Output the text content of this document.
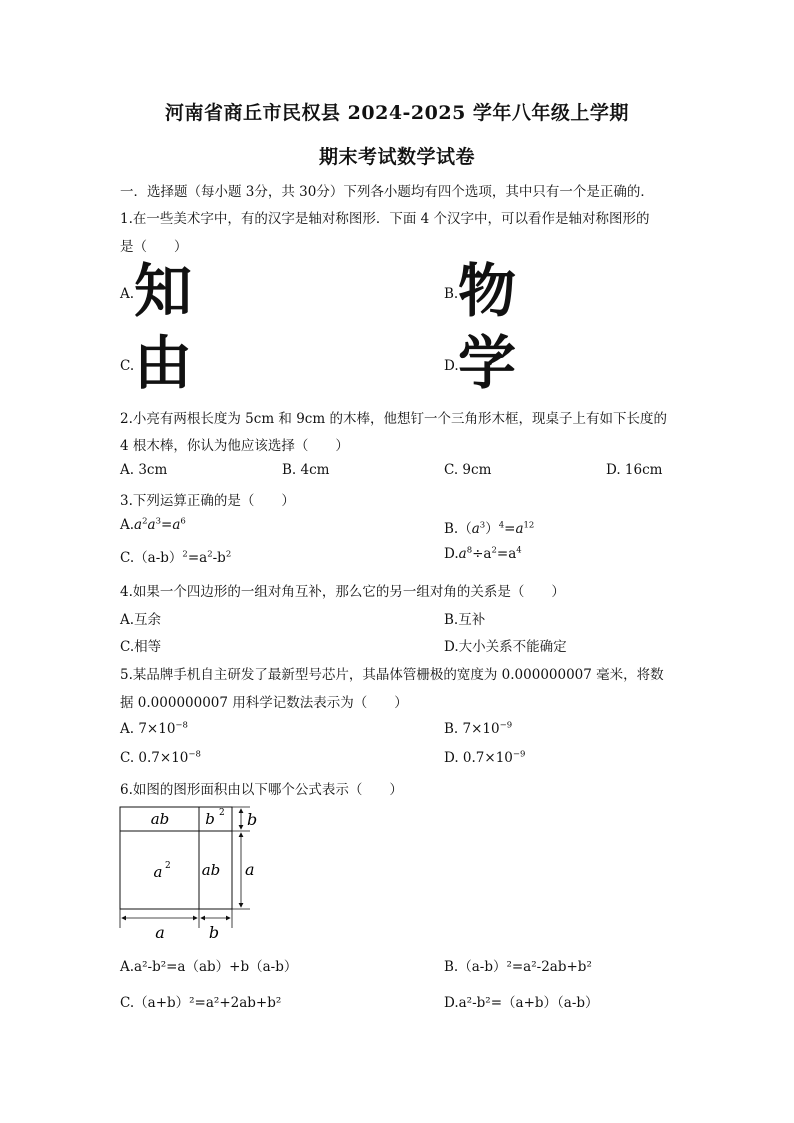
河南省商丘市民权县 2024-2025 学年八年级上学期
期末考试数学试卷
一．选择题（每小题 3分，共 30分）下列各小题均有四个选项，其中只有一个是正确的．
1.在一些美术字中，有的汉字是轴对称图形．下面 4 个汉字中，可以看作是轴对称图形的
是（　　）
A. 知	B. 物
C. 由	D. 学
2.小亮有两根长度为 5cm 和 9cm 的木棒，他想钉一个三角形木框，现桌子上有如下长度的
4 根木棒，你认为他应该选择（　　）
A. 3cm	B. 4cm	C. 9cm	D. 16cm
3.下列运算正确的是（　　）
$A.a^2a^3=a^6$	$B.(a^3)^4=a^{12}$
$C.(a-b)^2=a^2-b^2$	$D.a^8\div a^2=a^4$
4.如果一个四边形的一组对角互补，那么它的另一组对角的关系是（　　）
A.互余	B.互补
C.相等	D.大小关系不能确定
5.某品牌手机自主研发了最新型号芯片，其晶体管栅极的宽度为 0.000000007 毫米，将数
据 0.000000007 用科学记数法表示为（　　）
A. $7\times 10^{-8}$	B. $7\times 10^{-9}$
C. $0.7\times 10^{-8}$	D. $0.7\times 10^{-9}$
6.如图的图形面积由以下哪个公式表示（　　）
ab b 2
a 2 ab
b
a
a	b
A.a²-b²=a（ab）+b（a-b）	B.（a-b）²=a²-2ab+b²
C.（a+b）²=a²+2ab+b²	D.a²-b²=（a+b）（a-b）
